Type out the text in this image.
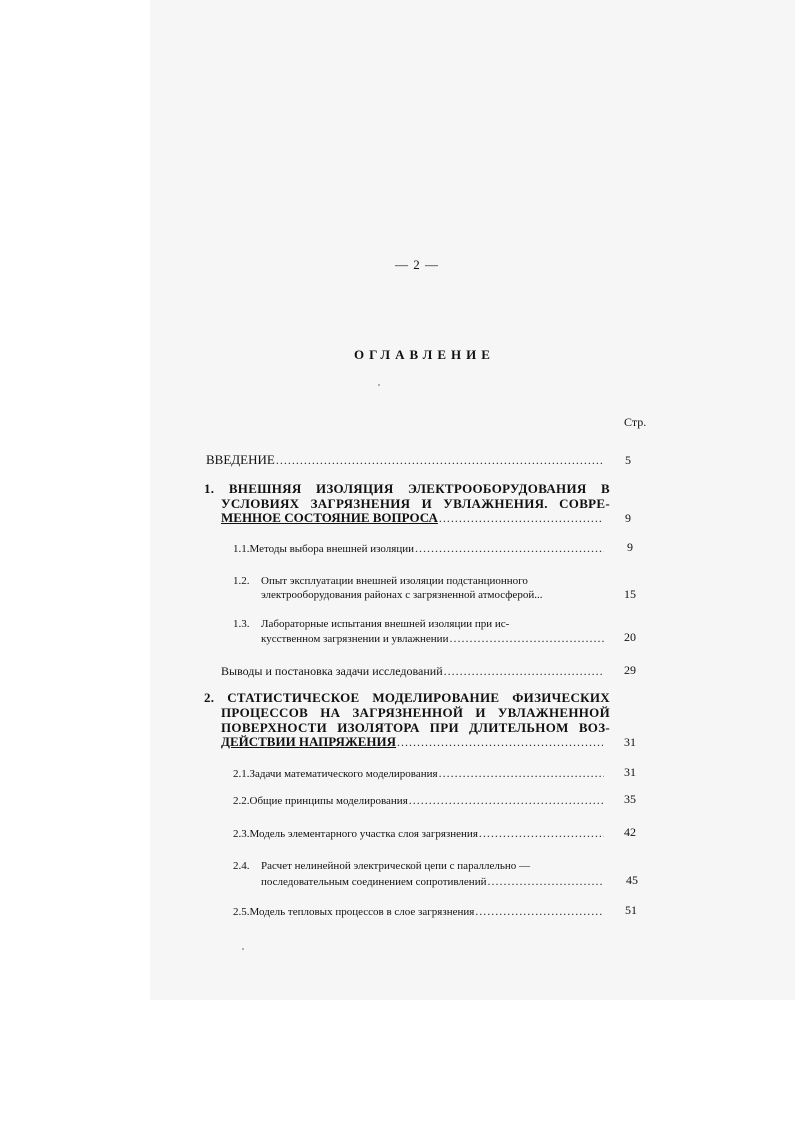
— 2 —
ОГЛАВЛЕНИЕ
Стр.
ВВЕДЕНИЕ .....	5
1. ВНЕШНЯЯ ИЗОЛЯЦИЯ ЭЛЕКТРООБОРУДОВАНИЯ В
УСЛОВИЯХ ЗАГРЯЗНЕНИЯ И УВЛАЖНЕНИЯ. СОВРЕ-
МЕННОЕ СОСТОЯНИЕ ВОПРОСА .....	9
1.1. Методы выбора внешней изоляции .....	9
1.2.	Опыт эксплуатации внешней изоляции подстанционного
электрооборудования районах с загрязненной атмосферой...	15
1.3.	Лабораторные испытания внешней изоляции при ис-
кусственном загрязнении и увлажнении .....	20
Выводы и постановка задачи исследований .....	29
2. СТАТИСТИЧЕСКОЕ МОДЕЛИРОВАНИЕ ФИЗИЧЕСКИХ
ПРОЦЕССОВ НА ЗАГРЯЗНЕННОЙ И УВЛАЖНЕННОЙ
ПОВЕРХНОСТИ ИЗОЛЯТОРА ПРИ ДЛИТЕЛЬНОМ ВОЗ-
ДЕЙСТВИИ НАПРЯЖЕНИЯ .....	31
2.1. Задачи математического моделирования .....	31
2.2. Общие принципы моделирования .....	35
2.3. Модель элементарного участка слоя загрязнения .....	42
2.4.	Расчет нелинейной электрической цепи с параллельно —
последовательным соединением сопротивлений .....	45
2.5. Модель тепловых процессов в слое загрязнения .....	51
